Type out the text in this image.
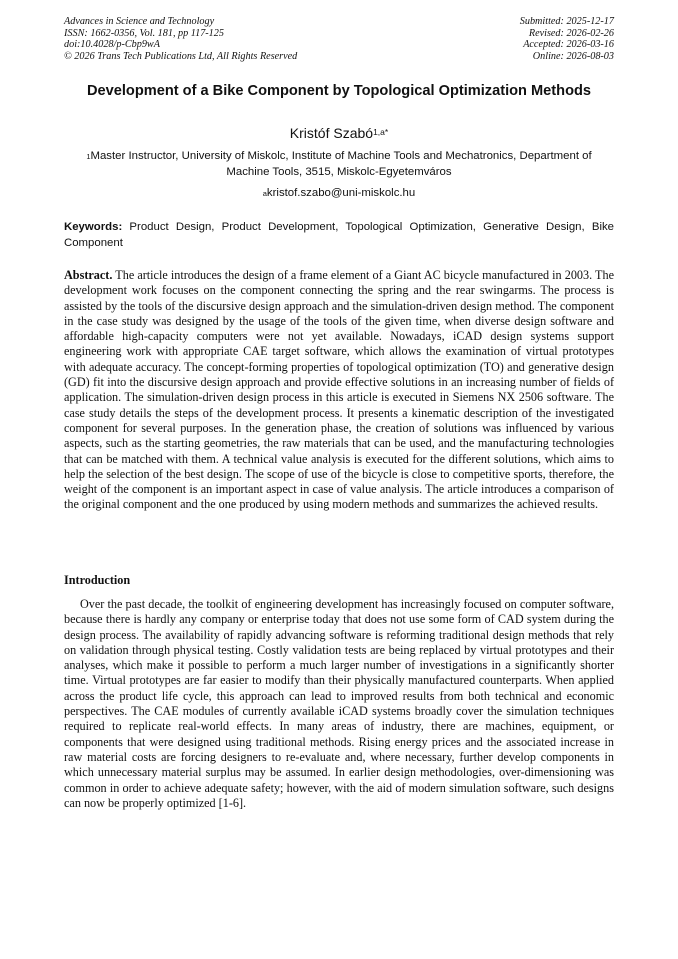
Advances in Science and Technology
ISSN: 1662-0356, Vol. 181, pp 117-125
doi:10.4028/p-Cbp9wA
© 2026 Trans Tech Publications Ltd, All Rights Reserved
Submitted: 2025-12-17
Revised: 2026-02-26
Accepted: 2026-03-16
Online: 2026-08-03
Development of a Bike Component by Topological Optimization Methods
Kristóf Szabó$^{1,a*}$
$^1$Master Instructor, University of Miskolc, Institute of Machine Tools and Mechatronics, Department of Machine Tools, 3515, Miskolc-Egyetemváros
$^a$kristof.szabo@uni-miskolc.hu
Keywords: Product Design, Product Development, Topological Optimization, Generative Design, Bike Component

Abstract. The article introduces the design of a frame element of a Giant AC bicycle manufactured in 2003. The development work focuses on the component connecting the spring and the rear swingarms. The process is assisted by the tools of the discursive design approach and the simulation-driven design method. The component in the case study was designed by the usage of the tools of the given time, when diverse design software and affordable high-capacity computers were not yet available. Nowadays, iCAD design systems support engineering work with appropriate CAE target software, which allows the examination of virtual prototypes with adequate accuracy. The concept-forming properties of topological optimization (TO) and generative design (GD) fit into the discursive design approach and provide effective solutions in an increasing number of fields of application. The simulation-driven design process in this article is executed in Siemens NX 2506 software. The case study details the steps of the development process. It presents a kinematic description of the investigated component for several purposes. In the generation phase, the creation of solutions was influenced by various aspects, such as the starting geometries, the raw materials that can be used, and the manufacturing technologies that can be matched with them. A technical value analysis is executed for the different solutions, which aims to help the selection of the best design. The scope of use of the bicycle is close to competitive sports, therefore, the weight of the component is an important aspect in case of value analysis. The article introduces a comparison of the original component and the one produced by using modern methods and summarizes the achieved results.

Introduction

Over the past decade, the toolkit of engineering development has increasingly focused on computer software, because there is hardly any company or enterprise today that does not use some form of CAD system during the design process. The availability of rapidly advancing software is reforming traditional design methods that rely on validation through physical testing. Costly validation tests are being replaced by virtual prototypes and their analyses, which make it possible to perform a much larger number of investigations in a significantly shorter time. Virtual prototypes are far easier to modify than their physically manufactured counterparts. When applied across the product life cycle, this approach can lead to improved results from both technical and economic perspectives. The CAE modules of currently available iCAD systems broadly cover the simulation techniques required to replicate real-world effects. In many areas of industry, there are machines, equipment, or components that were designed using traditional methods. Rising energy prices and the associated increase in raw material costs are forcing designers to re-evaluate and, where necessary, further develop components in which unnecessary material surplus may be assumed. In earlier design methodologies, over-dimensioning was common in order to achieve adequate safety; however, with the aid of modern simulation software, such designs can now be properly optimized [1-6].
